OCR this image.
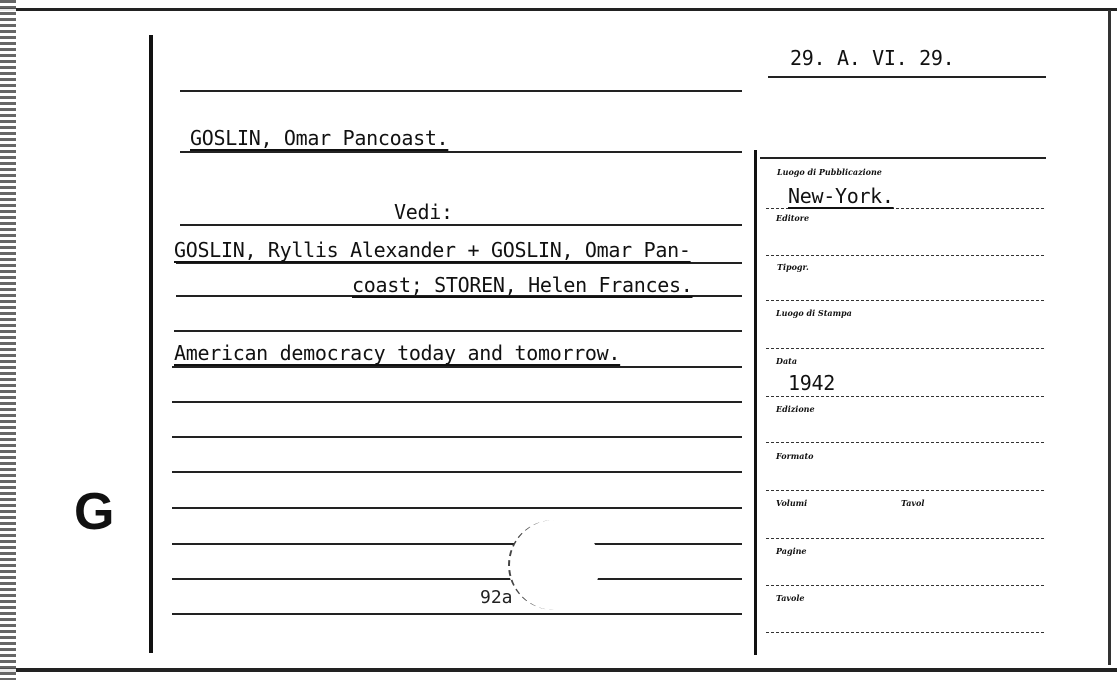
29. A. VI. 29.
GOSLIN, Omar Pancoast.
Vedi:
GOSLIN, Ryllis Alexander + GOSLIN, Omar Pan-
coast; STOREN, Helen Frances.
American democracy today and tomorrow.
Luogo di Pubblicazione
New-York.
Editore
Tipogr.
Luogo di Stampa
Data
1942
Edizione
Formato
Volumi	Tavol
Pagine
Tavole
G
92a
